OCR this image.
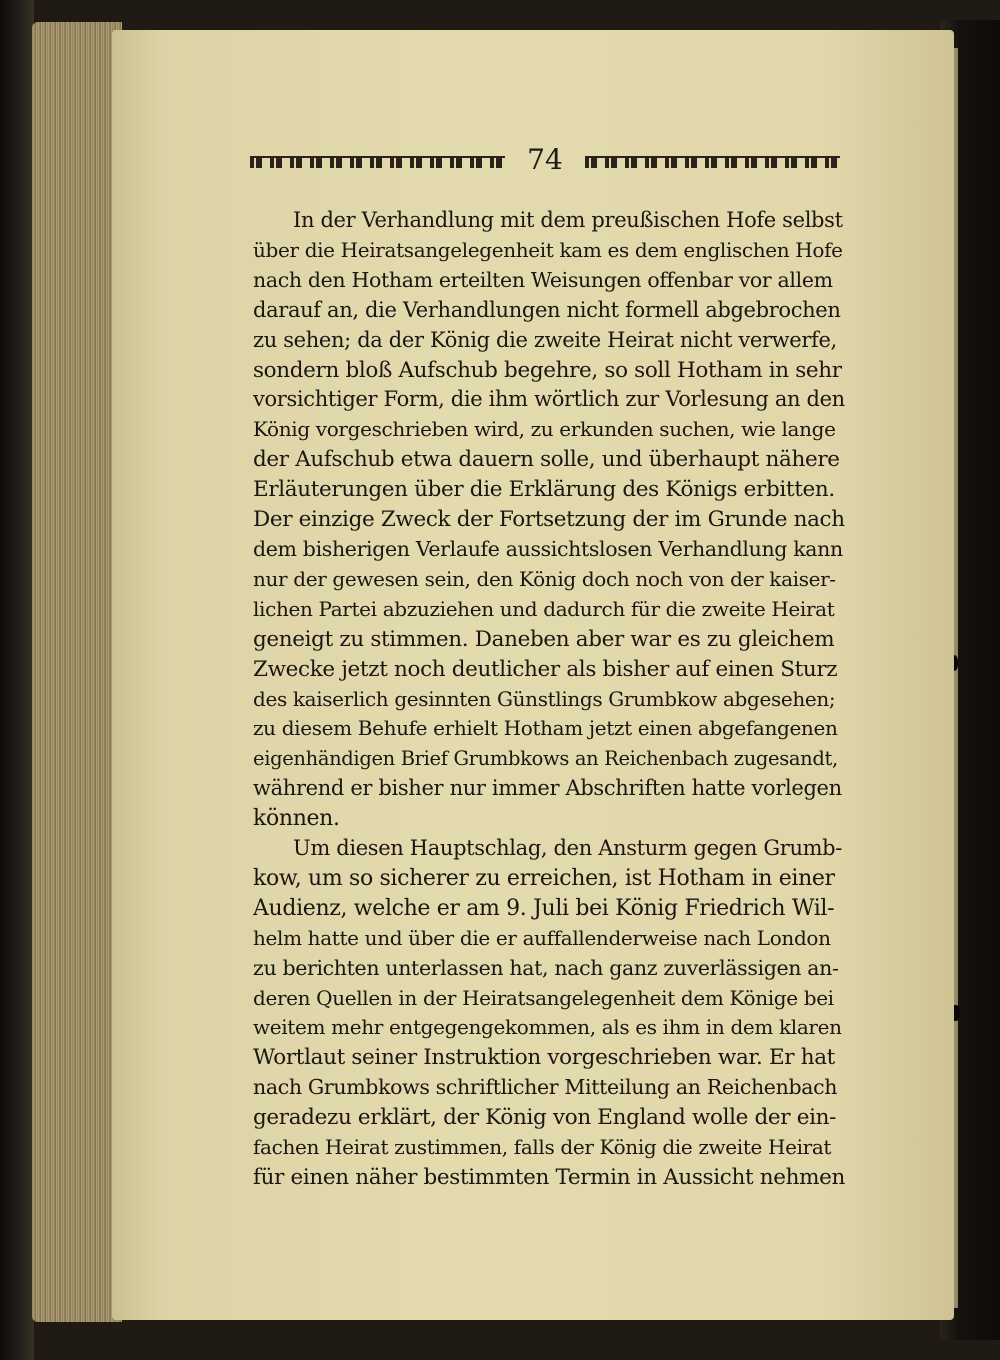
74
In der Verhandlung mit dem preußischen Hofe selbst
über die Heiratsangelegenheit kam es dem englischen Hofe
nach den Hotham erteilten Weisungen offenbar vor allem
darauf an, die Verhandlungen nicht formell abgebrochen
zu sehen; da der König die zweite Heirat nicht verwerfe,
sondern bloß Aufschub begehre, so soll Hotham in sehr
vorsichtiger Form, die ihm wörtlich zur Vorlesung an den
König vorgeschrieben wird, zu erkunden suchen, wie lange
der Aufschub etwa dauern solle, und überhaupt nähere
Erläuterungen über die Erklärung des Königs erbitten.
Der einzige Zweck der Fortsetzung der im Grunde nach
dem bisherigen Verlaufe aussichtslosen Verhandlung kann
nur der gewesen sein, den König doch noch von der kaiser-
lichen Partei abzuziehen und dadurch für die zweite Heirat
geneigt zu stimmen. Daneben aber war es zu gleichem
Zwecke jetzt noch deutlicher als bisher auf einen Sturz
des kaiserlich gesinnten Günstlings Grumbkow abgesehen;
zu diesem Behufe erhielt Hotham jetzt einen abgefangenen
eigenhändigen Brief Grumbkows an Reichenbach zugesandt,
während er bisher nur immer Abschriften hatte vorlegen
können.
Um diesen Hauptschlag, den Ansturm gegen Grumb-
kow, um so sicherer zu erreichen, ist Hotham in einer
Audienz, welche er am 9. Juli bei König Friedrich Wil-
helm hatte und über die er auffallenderweise nach London
zu berichten unterlassen hat, nach ganz zuverlässigen an-
deren Quellen in der Heiratsangelegenheit dem Könige bei
weitem mehr entgegengekommen, als es ihm in dem klaren
Wortlaut seiner Instruktion vorgeschrieben war. Er hat
nach Grumbkows schriftlicher Mitteilung an Reichenbach
geradezu erklärt, der König von England wolle der ein-
fachen Heirat zustimmen, falls der König die zweite Heirat
für einen näher bestimmten Termin in Aussicht nehmen
